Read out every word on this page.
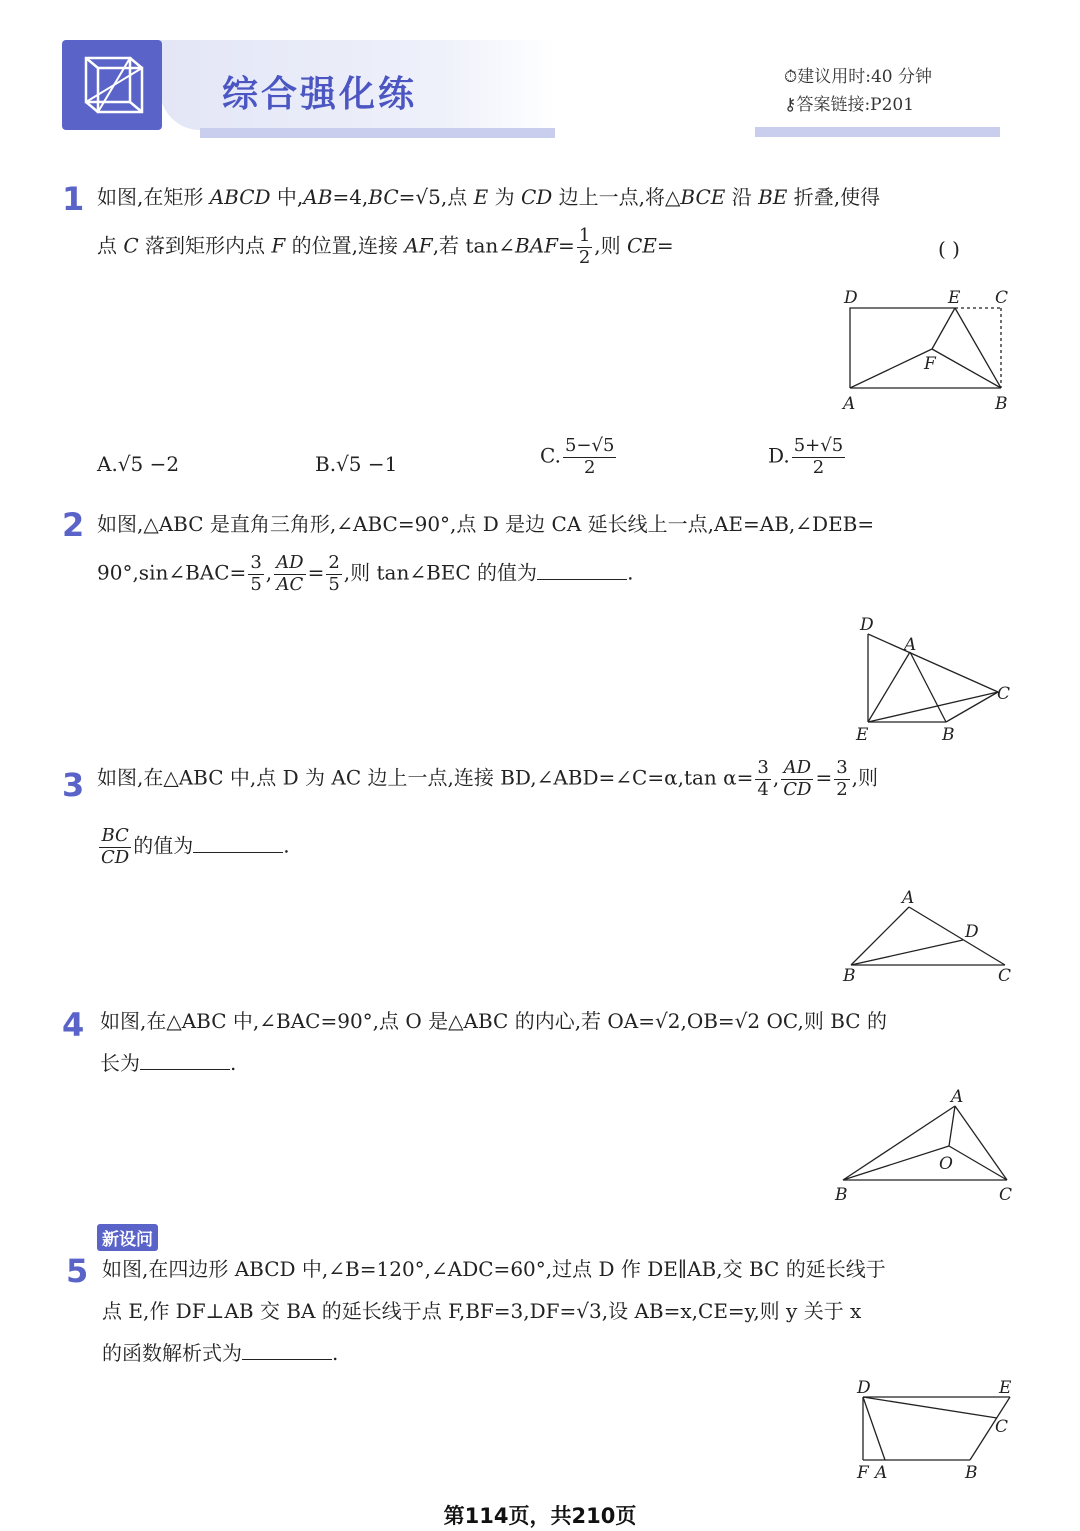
综合强化练	⏱建议用时:40 分钟
⚷答案链接:P201
1 如图,在矩形 ABCD 中,AB=4,BC=√5,点 E 为 CD 边上一点,将△BCE 沿 BE 折叠,使得
点 C 落到矩形内点 F 的位置,连接 AF,若 tan∠BAF= $\frac{1}{2}$ ,则 CE=	( )
D	E C
F
A	B
A.√5 −2	B.√5 −1	C. $\frac{5-√5}{2}$	D. $\frac{5+√5}{2}$
2 如图,△ABC 是直角三角形,∠ABC=90°,点 D 是边 CA 延长线上一点,AE=AB,∠DEB=
90°,sin∠BAC= $\frac{3}{5}$ , $\frac{AD}{AC} = \frac{2}{5}$ ,则 tan∠BEC 的值为	.
D
A
C
E	B
3 如图,在△ABC 中,点 D 为 AC 边上一点,连接 BD,∠ABD=∠C=α,tan $\alpha= \frac{3}{4}$ , $\frac{AD}{CD} = \frac{3}{2}$ ,则
$\frac{BC}{CD}$ 的值为	.
A
D
B	C
4 如图,在△ABC 中,∠BAC=90°,点 O 是△ABC 的内心,若 OA=√2,OB=√2 OC,则 BC 的
长为	.
A
O
B	C
新设问
5 如图,在四边形 ABCD 中,∠B=120°,∠ADC=60°,过点 D 作 DE∥AB,交 BC 的延长线于
点 E,作 DF⊥AB 交 BA 的延长线于点 F,BF=3,DF=√3,设 AB=x,CE=y,则 y 关于 x
的函数解析式为	.
D	E
C
F A	B
第114页，共210页
